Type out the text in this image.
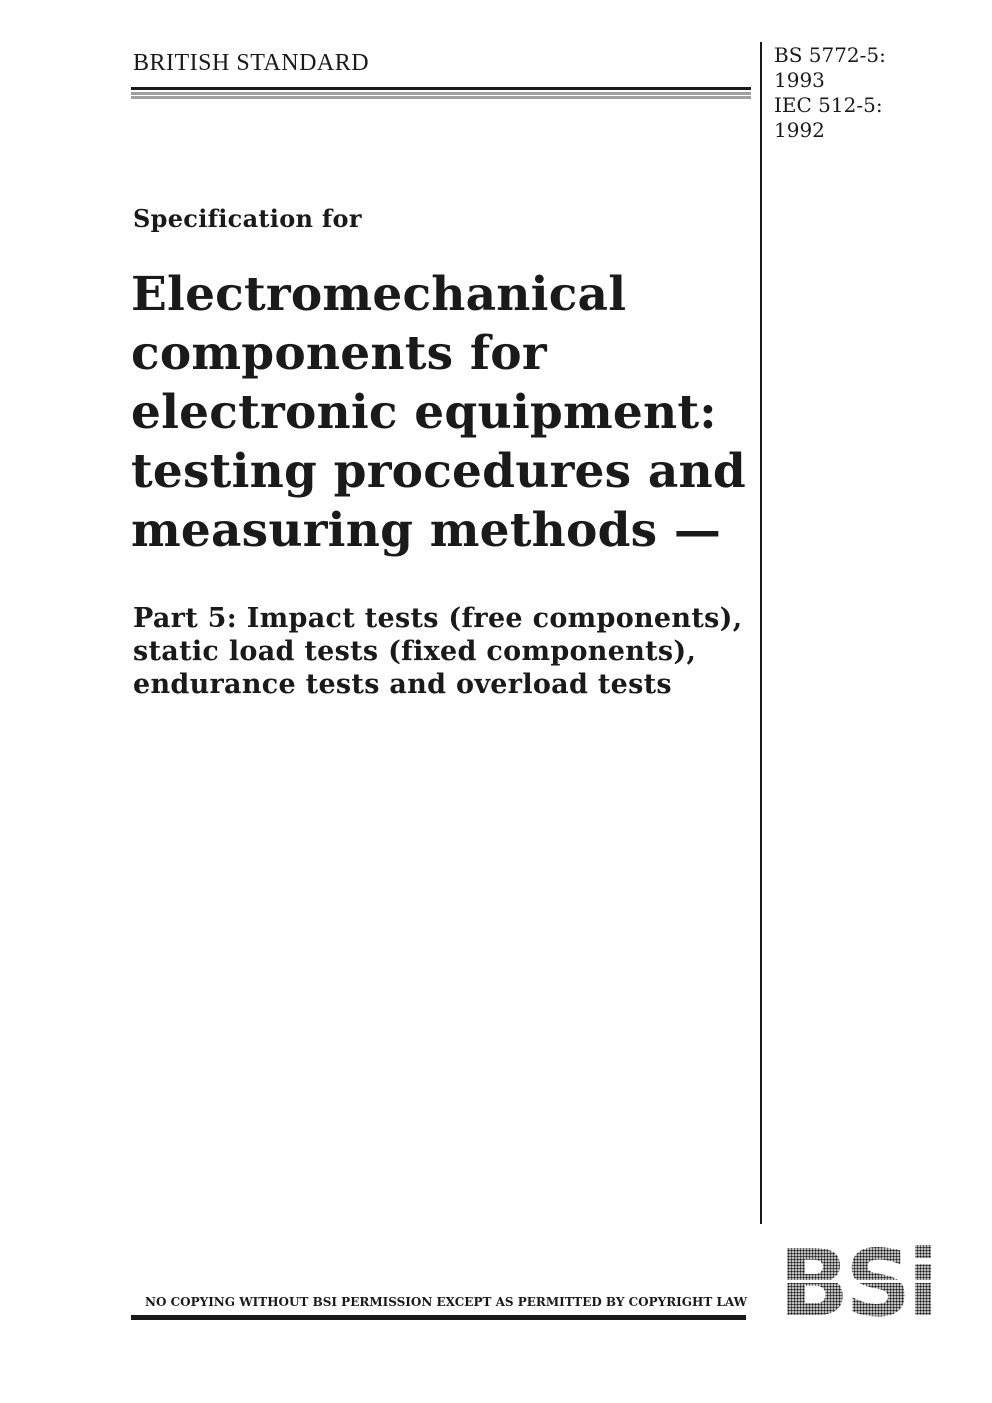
BRITISH STANDARD	BS 5772-5:
1993
IEC 512-5:
1992
Specification for
Electromechanical
components for
electronic equipment:
testing procedures and
measuring methods —
Part 5: Impact tests (free components),
static load tests (fixed components),
endurance tests and overload tests
NO COPYING WITHOUT BSI PERMISSION EXCEPT AS PERMITTED BY COPYRIGHT LAW
